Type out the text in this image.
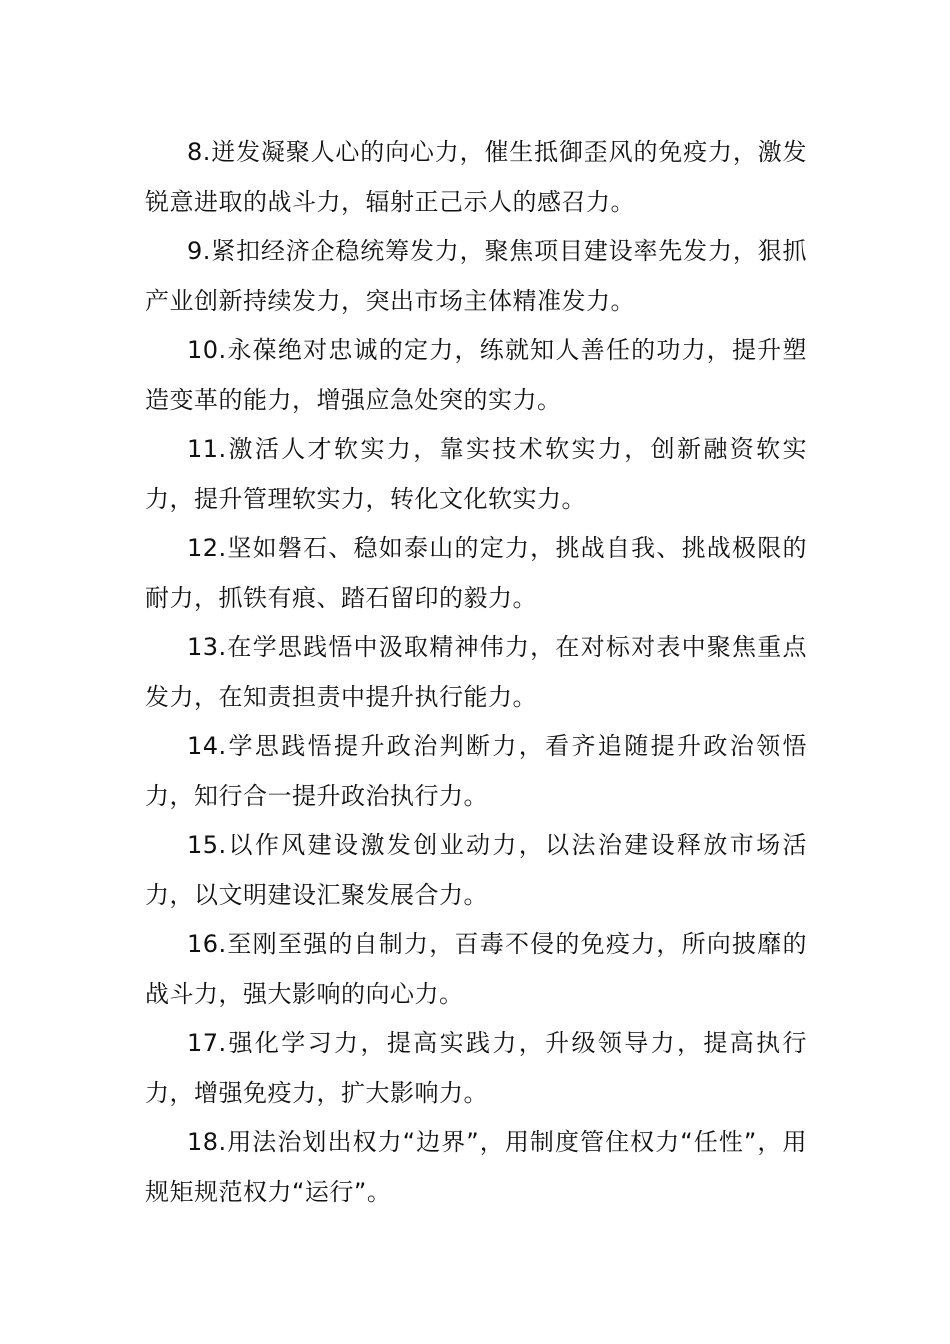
8.迸发凝聚人心的向心力，催生抵御歪风的免疫力，激发锐意进取的战斗力，辐射正己示人的感召力。

9.紧扣经济企稳统筹发力，聚焦项目建设率先发力，狠抓产业创新持续发力，突出市场主体精准发力。

10.永葆绝对忠诚的定力，练就知人善任的功力，提升塑造变革的能力，增强应急处突的实力。

11.激活人才软实力，靠实技术软实力，创新融资软实力，提升管理软实力，转化文化软实力。

12.坚如磐石、稳如泰山的定力，挑战自我、挑战极限的耐力，抓铁有痕、踏石留印的毅力。

13.在学思践悟中汲取精神伟力，在对标对表中聚焦重点发力，在知责担责中提升执行能力。

14.学思践悟提升政治判断力，看齐追随提升政治领悟力，知行合一提升政治执行力。

15.以作风建设激发创业动力，以法治建设释放市场活力，以文明建设汇聚发展合力。

16.至刚至强的自制力，百毒不侵的免疫力，所向披靡的战斗力，强大影响的向心力。

17.强化学习力，提高实践力，升级领导力，提高执行力，增强免疫力，扩大影响力。

18.用法治划出权力“边界”，用制度管住权力“任性”，用规矩规范权力“运行”。
